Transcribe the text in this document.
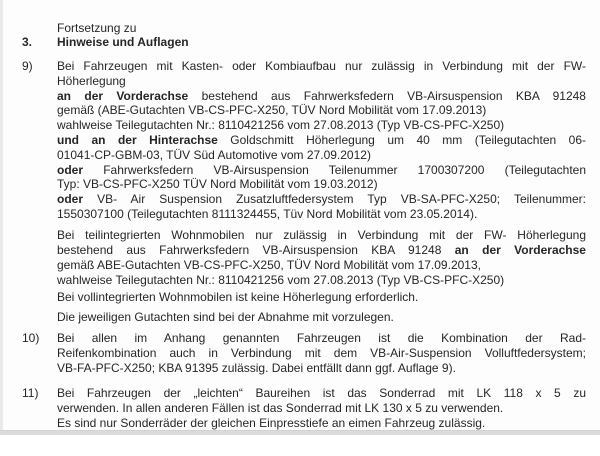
Fortsetzung zu
3.	Hinweise und Auflagen
9)	Bei Fahrzeugen mit Kasten- oder Kombiaufbau nur zulässig in Verbindung mit der FW-
Höherlegung
an der Vorderachse bestehend aus Fahrwerksfedern VB-Airsuspension KBA 91248
gemäß (ABE-Gutachten VB-CS-PFC-X250, TÜV Nord Mobilität vom 17.09.2013)
wahlweise Teilegutachten Nr.: 8110421256 vom 27.08.2013 (Typ VB-CS-PFC-X250)
und an der Hinterachse Goldschmitt Höherlegung um 40 mm (Teilegutachten 06-
01041-CP-GBM-03, TÜV Süd Automotive vom 27.09.2012)
oder Fahrwerksfedern VB-Airsuspension Teilenummer 1700307200 (Teilegutachten
Typ: VB-CS-PFC-X250 TÜV Nord Mobilität vom 19.03.2012)
oder VB- Air Suspension Zusatzluftfedersystem Typ VB-SA-PFC-X250; Teilenummer:
1550307100 (Teilegutachten 8111324455, Tüv Nord Mobilität vom 23.05.2014).
Bei teilintegrierten Wohnmobilen nur zulässig in Verbindung mit der FW- Höherlegung
bestehend aus Fahrwerksfedern VB-Airsuspension KBA 91248 an der Vorderachse
gemäß ABE-Gutachten VB-CS-PFC-X250, TÜV Nord Mobilität vom 17.09.2013,
wahlweise Teilegutachten Nr.: 8110421256 vom 27.08.2013 (Typ VB-CS-PFC-X250)
Bei vollintegrierten Wohnmobilen ist keine Höherlegung erforderlich.
Die jeweiligen Gutachten sind bei der Abnahme mit vorzulegen.
10)	Bei allen im Anhang genannten Fahrzeugen ist die Kombination der Rad-
Reifenkombination auch in Verbindung mit dem VB-Air-Suspension Volluftfedersystem;
VB-FA-PFC-X250; KBA 91395 zulässig. Dabei entfällt dann ggf. Auflage 9).
11)	Bei Fahrzeugen der „leichten“ Baureihen ist das Sonderrad mit LK 118 x 5 zu
verwenden. In allen anderen Fällen ist das Sonderrad mit LK 130 x 5 zu verwenden.
Es sind nur Sonderräder der gleichen Einpresstiefe an eimen Fahrzeug zulässig.
